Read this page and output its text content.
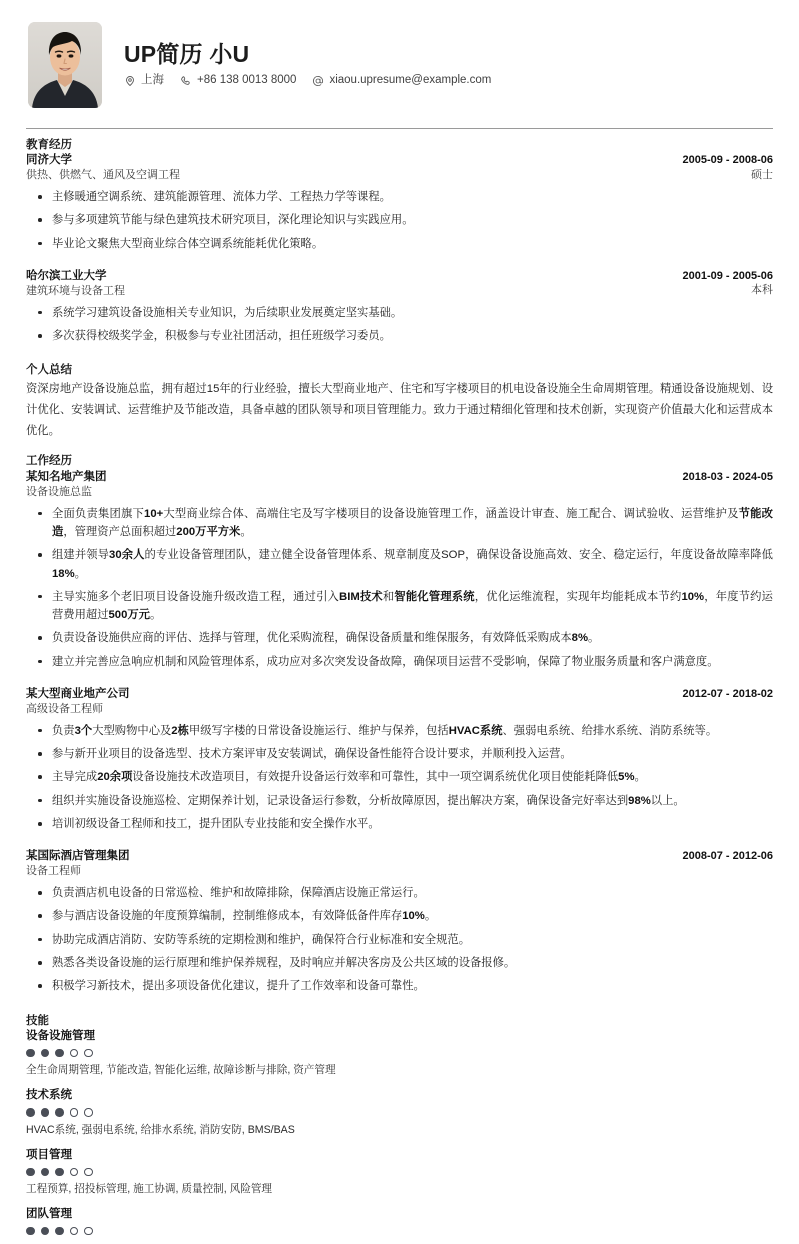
UP简历 小U
上海	+86 138 0013 8000	xiaou.upresume@example.com
教育经历
同济大学
供热、供燃气、通风及空调工程
2005-09 - 2008-06
硕士
主修暖通空调系统、建筑能源管理、流体力学、工程热力学等课程。
参与多项建筑节能与绿色建筑技术研究项目，深化理论知识与实践应用。
毕业论文聚焦大型商业综合体空调系统能耗优化策略。
哈尔滨工业大学
建筑环境与设备工程
2001-09 - 2005-06
本科
系统学习建筑设备设施相关专业知识，为后续职业发展奠定坚实基础。
多次获得校级奖学金，积极参与专业社团活动，担任班级学习委员。
个人总结
资深房地产设备设施总监，拥有超过15年的行业经验，擅长大型商业地产、住宅和写字楼项目的机电设备设施全生命周期管理。精通设备设施规划、设计优化、安装调试、运营维护及节能改造，具备卓越的团队领导和项目管理能力。致力于通过精细化管理和技术创新，实现资产价值最大化和运营成本优化。
工作经历
某知名地产集团
设备设施总监
2018-03 - 2024-05
全面负责集团旗下10+大型商业综合体、高端住宅及写字楼项目的设备设施管理工作，涵盖设计审查、施工配合、调试验收、运营维护及节能改造，管理资产总面积超过200万平方米。
组建并领导30余人的专业设备管理团队，建立健全设备管理体系、规章制度及SOP，确保设备设施高效、安全、稳定运行，年度设备故障率降低18%。
主导实施多个老旧项目设备设施升级改造工程，通过引入BIM技术和智能化管理系统，优化运维流程，实现年均能耗成本节约10%，年度节约运营费用超过500万元。
负责设备设施供应商的评估、选择与管理，优化采购流程，确保设备质量和维保服务，有效降低采购成本8%。
建立并完善应急响应机制和风险管理体系，成功应对多次突发设备故障，确保项目运营不受影响，保障了物业服务质量和客户满意度。
某大型商业地产公司
高级设备工程师
2012-07 - 2018-02
负责3个大型购物中心及2栋甲级写字楼的日常设备设施运行、维护与保养，包括HVAC系统、强弱电系统、给排水系统、消防系统等。
参与新开业项目的设备选型、技术方案评审及安装调试，确保设备性能符合设计要求，并顺利投入运营。
主导完成20余项设备设施技术改造项目，有效提升设备运行效率和可靠性，其中一项空调系统优化项目使能耗降低5%。
组织并实施设备设施巡检、定期保养计划，记录设备运行参数，分析故障原因，提出解决方案，确保设备完好率达到98%以上。
培训初级设备工程师和技工，提升团队专业技能和安全操作水平。
某国际酒店管理集团
设备工程师
2008-07 - 2012-06
负责酒店机电设备的日常巡检、维护和故障排除，保障酒店设施正常运行。
参与酒店设备设施的年度预算编制，控制维修成本，有效降低备件库存10%。
协助完成酒店消防、安防等系统的定期检测和维护，确保符合行业标准和安全规范。
熟悉各类设备设施的运行原理和维护保养规程，及时响应并解决客房及公共区域的设备报修。
积极学习新技术，提出多项设备优化建议，提升了工作效率和设备可靠性。
技能
设备设施管理
全生命周期管理, 节能改造, 智能化运维, 故障诊断与排除, 资产管理
技术系统
HVAC系统, 强弱电系统, 给排水系统, 消防安防, BMS/BAS
项目管理
工程预算, 招投标管理, 施工协调, 质量控制, 风险管理
团队管理
